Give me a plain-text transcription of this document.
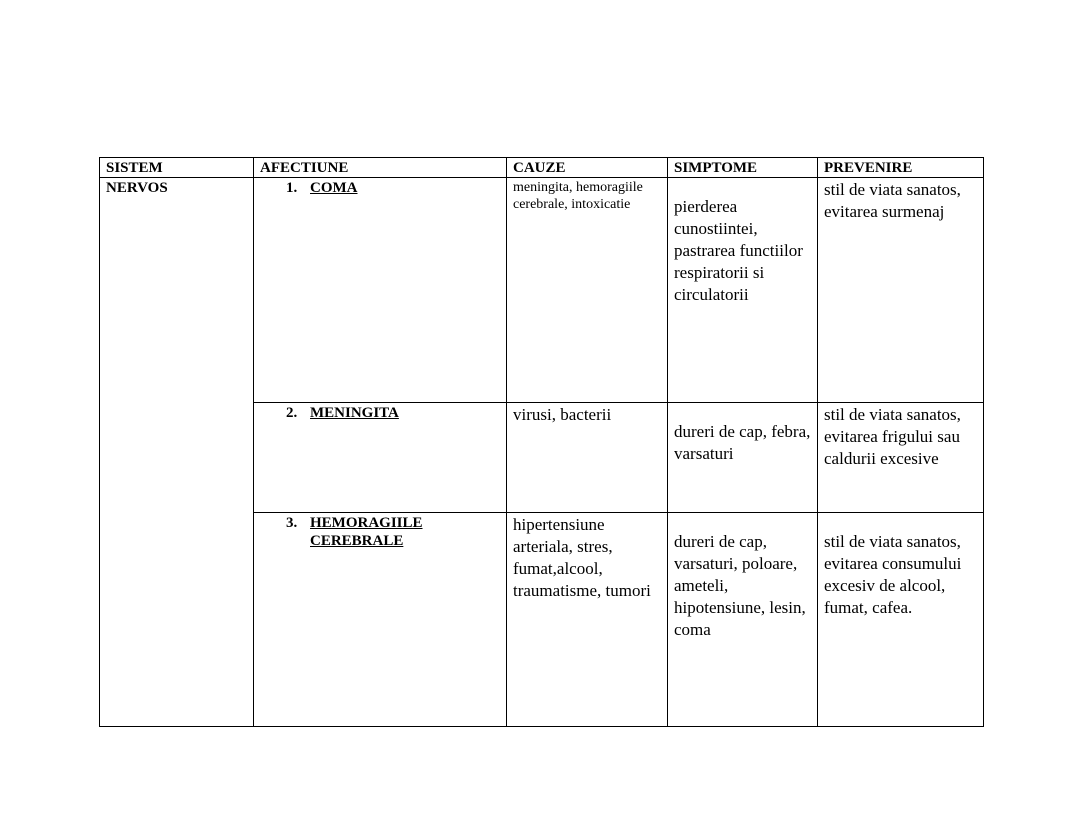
SISTEM	AFECTIUNE	CAUZE	SIMPTOME	PREVENIRE
NERVOS	1. COMA	meningita, hemoragiile cerebrale, intoxicatie	pierderea cunostiintei, pastrarea functiilor respiratorii si circulatorii	stil de viata sanatos, evitarea surmenaj
	2. MENINGITA	virusi, bacterii	dureri de cap, febra, varsaturi	stil de viata sanatos, evitarea frigului sau caldurii excesive
	3. HEMORAGIILE CEREBRALE	hipertensiune arteriala, stres, fumat,alcool, traumatisme, tumori	dureri de cap, varsaturi, poloare, ameteli, hipotensiune, lesin, coma	stil de viata sanatos, evitarea consumului excesiv de alcool, fumat, cafea.
